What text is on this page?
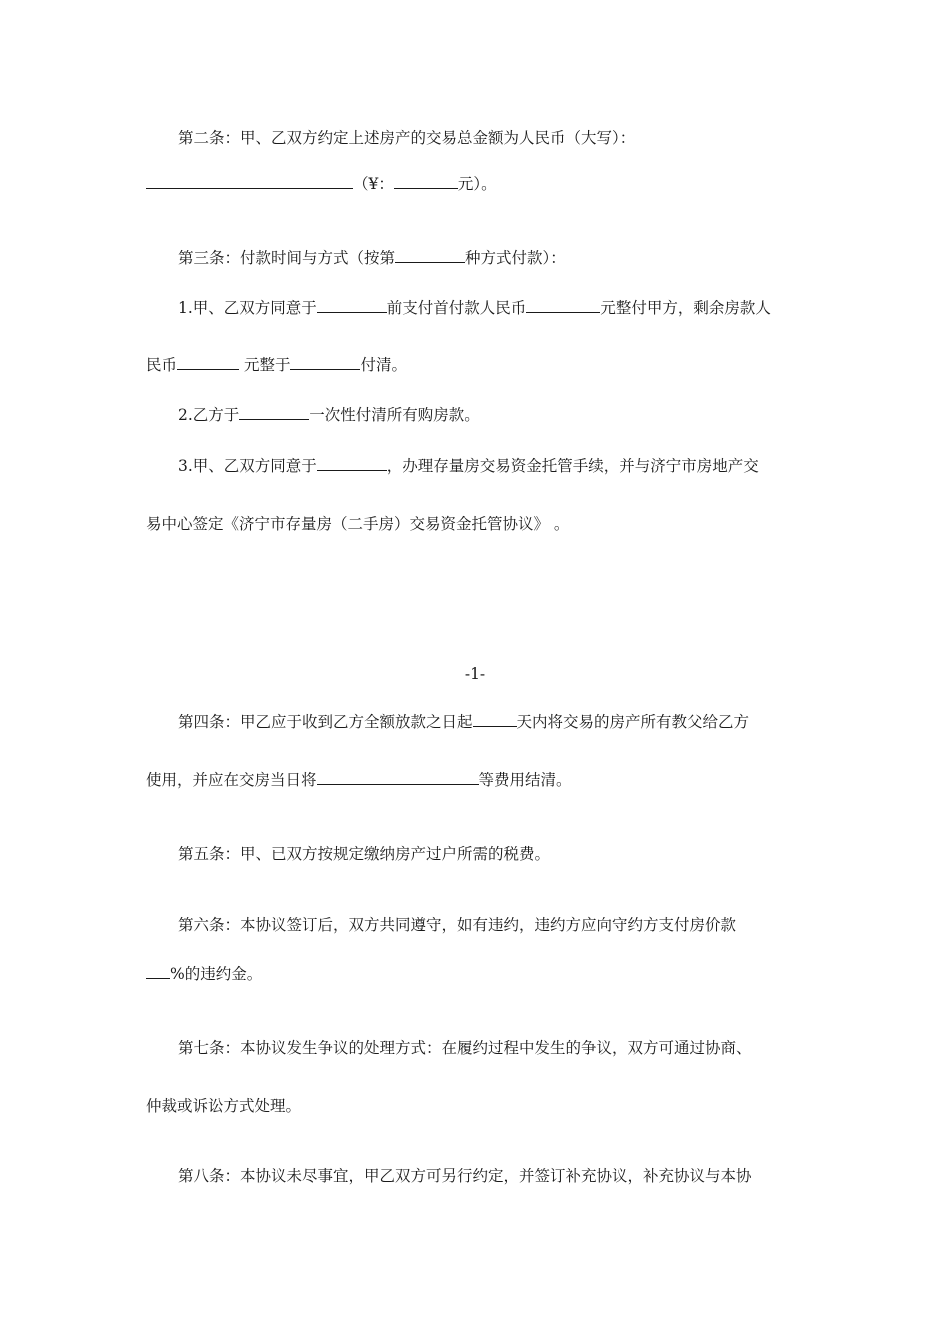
第二条：甲、乙双方约定上述房产的交易总金额为人民币（大写）：
（¥：	元）。
第三条：付款时间与方式（按第	种方式付款）：
1.甲、乙双方同意于	前支付首付款人民币	元整付甲方，剩余房款人
民币	元整于	付清。
2.乙方于	一次性付清所有购房款。
3.甲、乙双方同意于	，办理存量房交易资金托管手续，并与济宁市房地产交
易中心签定《济宁市存量房（二手房）交易资金托管协议》 。
-1-
第四条：甲乙应于收到乙方全额放款之日起	天内将交易的房产所有教父给乙方
使用，并应在交房当日将	等费用结清。
第五条：甲、已双方按规定缴纳房产过户所需的税费。
第六条：本协议签订后，双方共同遵守，如有违约，违约方应向守约方支付房价款
%的违约金。
第七条：本协议发生争议的处理方式：在履约过程中发生的争议，双方可通过协商、
仲裁或诉讼方式处理。
第八条：本协议未尽事宜，甲乙双方可另行约定，并签订补充协议，补充协议与本协
